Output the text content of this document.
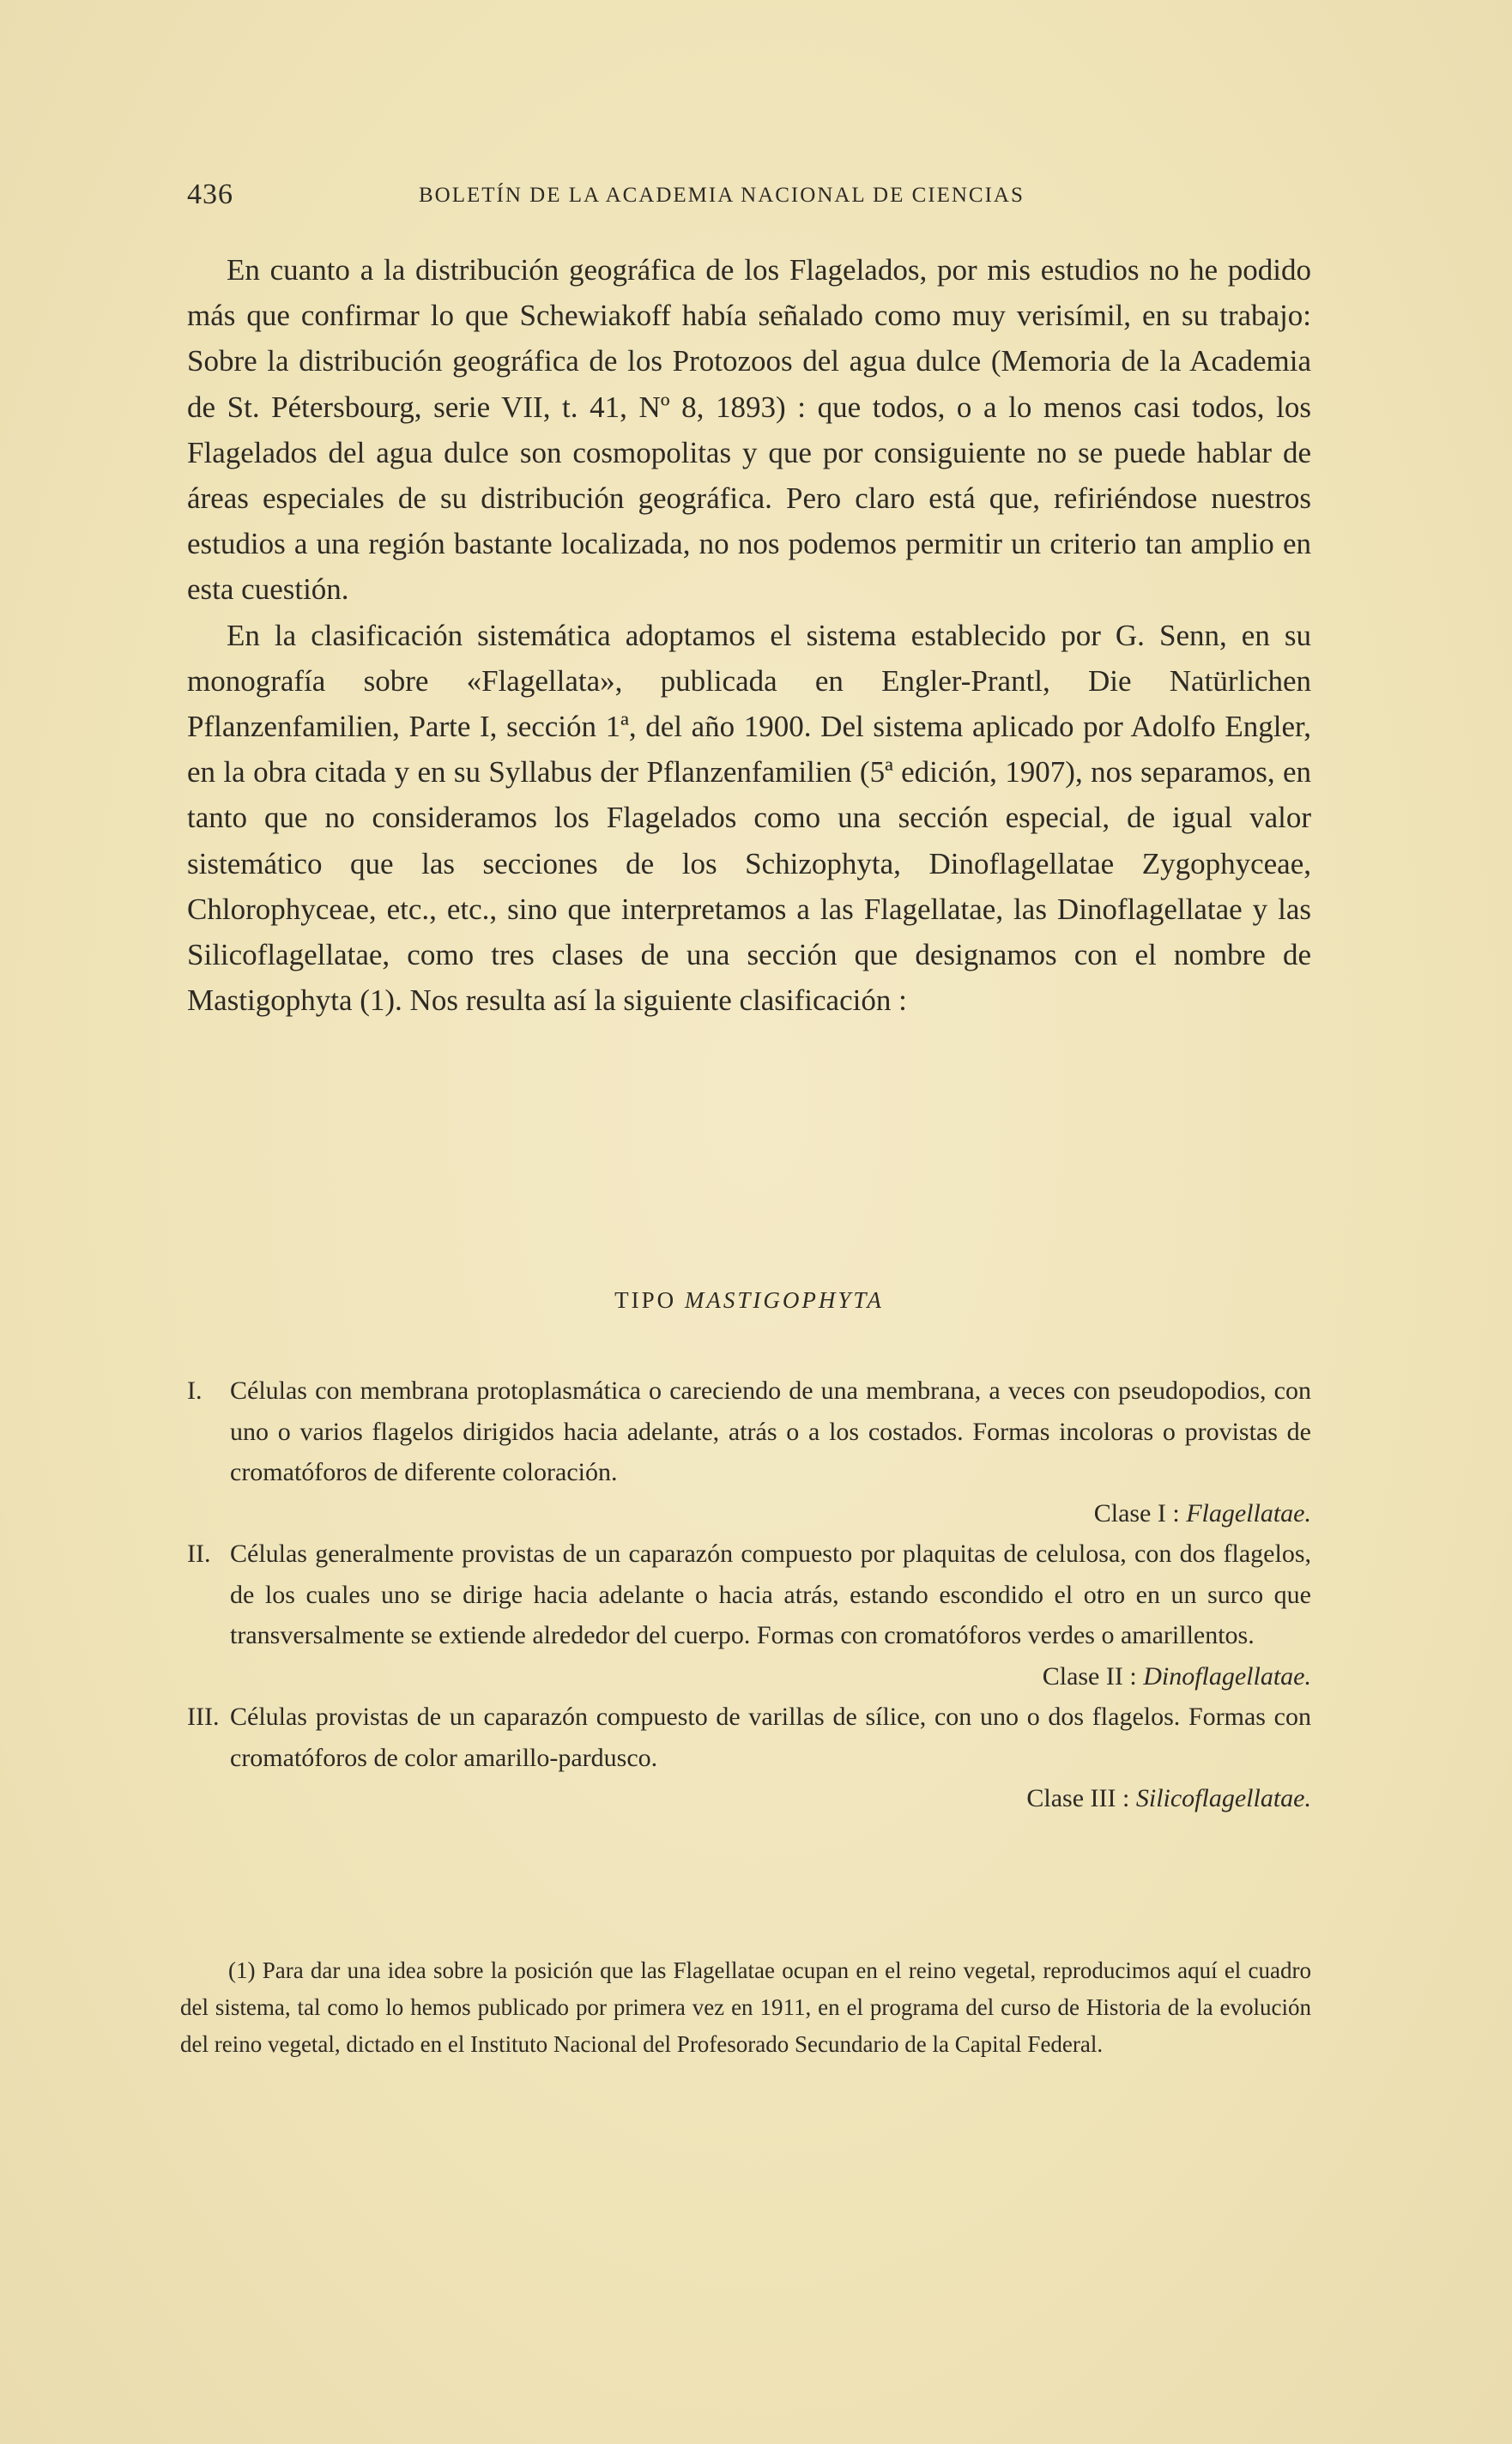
436	BOLETÍN DE LA ACADEMIA NACIONAL DE CIENCIAS

En cuanto a la distribución geográfica de los Flagelados, por mis estudios no he podido más que confirmar lo que Schewiakoff había señalado como muy verisímil, en su trabajo: Sobre la distribución geográfica de los Protozoos del agua dulce (Memoria de la Academia de St. Pétersbourg, serie VII, t. 41, Nº 8, 1893) : que todos, o a lo menos casi todos, los Flagelados del agua dulce son cosmopolitas y que por consiguiente no se puede hablar de áreas especiales de su distribución geográfica. Pero claro está que, refiriéndose nuestros estudios a una región bastante localizada, no nos podemos permitir un criterio tan amplio en esta cuestión.

En la clasificación sistemática adoptamos el sistema establecido por G. Senn, en su monografía sobre «Flagellata», publicada en Engler-Prantl, Die Natürlichen Pflanzenfamilien, Parte I, sección 1ª, del año 1900. Del sistema aplicado por Adolfo Engler, en la obra citada y en su Syllabus der Pflanzenfamilien (5ª edición, 1907), nos separamos, en tanto que no consideramos los Flagelados como una sección especial, de igual valor sistemático que las secciones de los Schizophyta, Dinoflagellatae Zygophyceae, Chlorophyceae, etc., etc., sino que interpretamos a las Flagellatae, las Dinoflagellatae y las Silicoflagellatae, como tres clases de una sección que designamos con el nombre de Mastigophyta (1). Nos resulta así la siguiente clasificación :

TIPO MASTIGOPHYTA
I. Células con membrana protoplasmática o careciendo de una membrana, a veces con pseudopodios, con uno o varios flagelos dirigidos hacia adelante, atrás o a los costados. Formas incoloras o provistas de cromatóforos de diferente coloración.
Clase I : Flagellatae.
II. Células generalmente provistas de un caparazón compuesto por plaquitas de celulosa, con dos flagelos, de los cuales uno se dirige hacia adelante o hacia atrás, estando escondido el otro en un surco que transversalmente se extiende alrededor del cuerpo. Formas con cromatóforos verdes o amarillentos.
Clase II : Dinoflagellatae.
III. Células provistas de un caparazón compuesto de varillas de sílice, con uno o dos flagelos. Formas con cromatóforos de color amarillo-pardusco.
Clase III : Silicoflagellatae.

(1) Para dar una idea sobre la posición que las Flagellatae ocupan en el reino vegetal, reproducimos aquí el cuadro del sistema, tal como lo hemos publicado por primera vez en 1911, en el programa del curso de Historia de la evolución del reino vegetal, dictado en el Instituto Nacional del Profesorado Secundario de la Capital Federal.
